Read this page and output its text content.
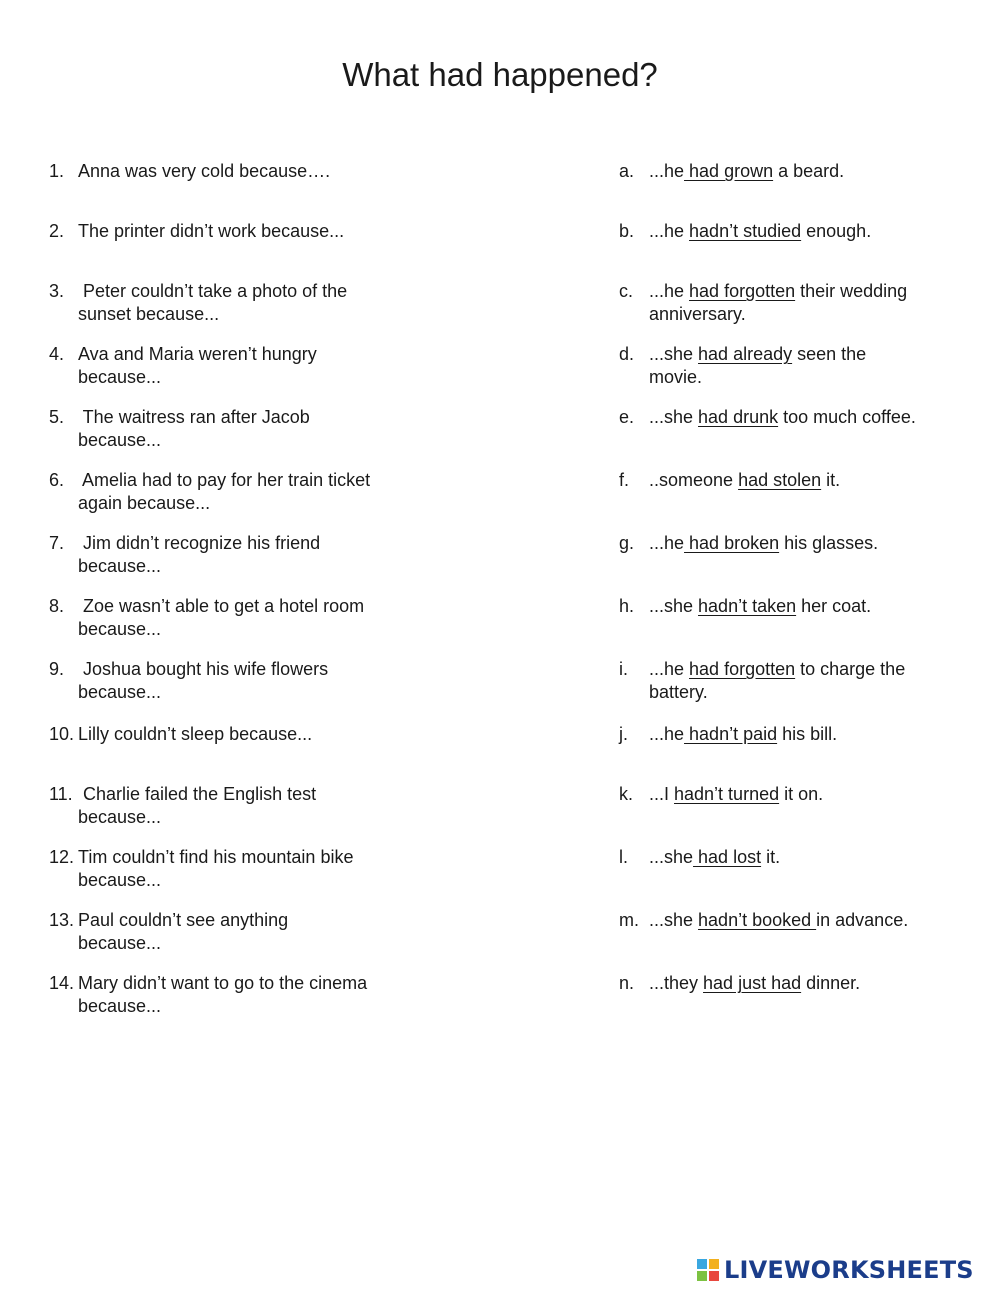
What had happened?
1. Anna was very cold because….
2. The printer didn’t work because...
3. Peter couldn’t take a photo of the
sunset because...
4. Ava and Maria weren’t hungry
because...
5. The waitress ran after Jacob
because...
6. Amelia had to pay for her train ticket
again because...
7. Jim didn’t recognize his friend
because...
8. Zoe wasn’t able to get a hotel room
because...
9. Joshua bought his wife flowers
because...
10. Lilly couldn’t sleep because...
11. Charlie failed the English test
because...
12. Tim couldn’t find his mountain bike
because...
13. Paul couldn’t see anything
because...
14. Mary didn’t want to go to the cinema
because...
a. ...he had grown a beard.
b. ...he hadn’t studied enough.
c. ...he had forgotten their wedding
anniversary.
d. ...she had already seen the
movie.
e. ...she had drunk too much coffee.
f.	..someone had stolen it.
g. ...he had broken his glasses.
h. ...she hadn’t taken her coat.
i.	...he had forgotten to charge the
battery.
j.	...he hadn’t paid his bill.
k. ...I hadn’t turned it on.
l.	...she had lost it.
m. ...she hadn’t booked in advance.
n. ...they had just had dinner.
LIVEWORKSHEETS
